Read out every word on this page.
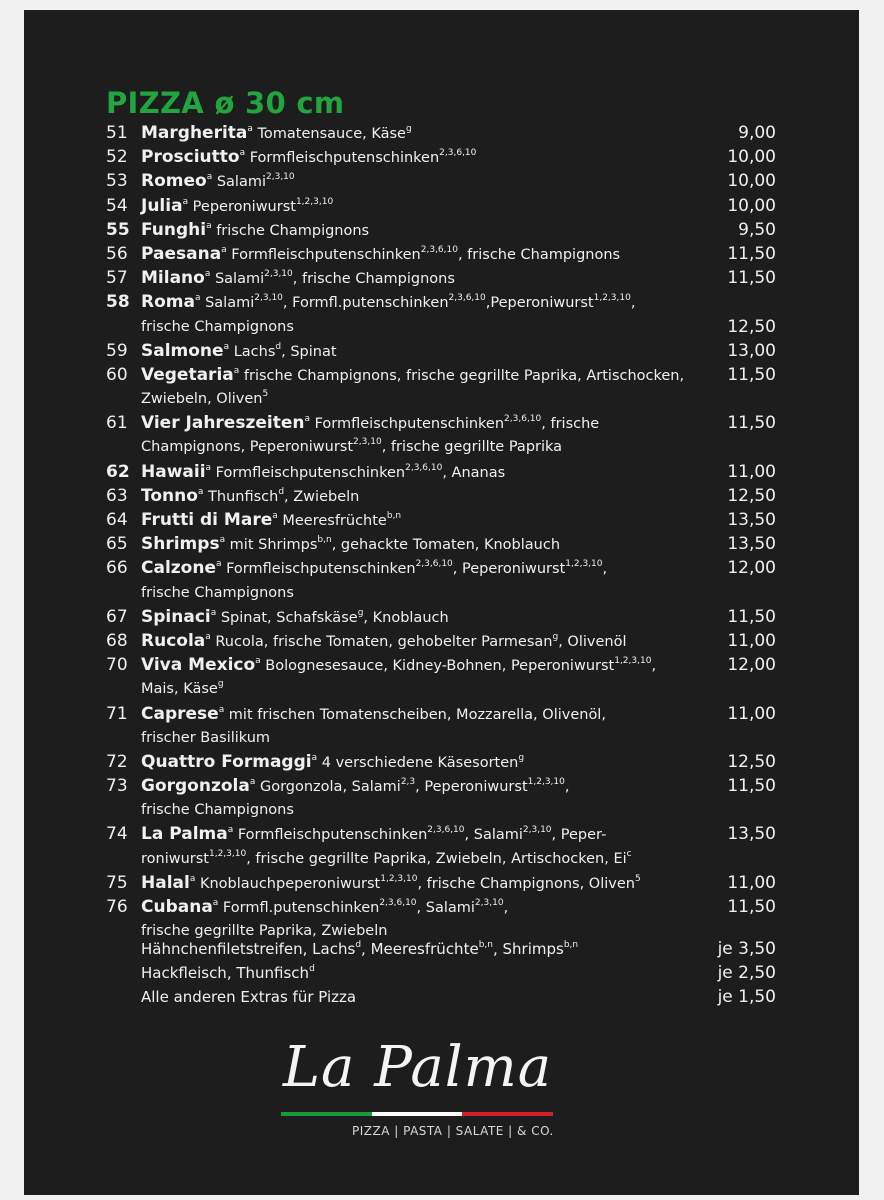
PIZZA ø 30 cm
51 Margherita$^a$ Tomatensauce, Käse$^g$	9,00
52 Prosciutto$^a$ Formfleischputenschinken$^{2,3,6,10}$	10,00
53 Romeo$^a$ Salami$^{2,3,10}$	10,00
54 Julia$^a$ Peperoniwurst$^{1,2,3,10}$	10,00
55 Funghi$^a$ frische Champignons	9,50
56 Paesana$^a$ Formfleischputenschinken$^{2,3,6,10}$, frische Champignons	11,50
57 Milano$^a$ Salami$^{2,3,10}$, frische Champignons	11,50
58 Roma$^a$ Salami$^{2,3,10}$, Formfl.putenschinken$^{2,3,6,10}$,Peperoniwurst$^{1,2,3,10}$,
frische Champignons	12,50
59 Salmone$^a$ Lachs$^d$, Spinat	13,00
60 Vegetaria$^a$ frische Champignons, frische gegrillte Paprika, Artischocken,	11,50
Zwiebeln, Oliven$^5$
61 Vier Jahreszeiten$^a$ Formfleischputenschinken$^{2,3,6,10}$, frische	11,50
Champignons, Peperoniwurst$^{2,3,10}$, frische gegrillte Paprika
62 Hawaii$^a$ Formfleischputenschinken$^{2,3,6,10}$, Ananas	11,00
63 Tonno$^a$ Thunfisch$^d$, Zwiebeln	12,50
64 Frutti di Mare$^a$ Meeresfrüchte$^{b,n}$	13,50
65 Shrimps$^a$ mit Shrimps$^{b,n}$, gehackte Tomaten, Knoblauch	13,50
66 Calzone$^a$ Formfleischputenschinken$^{2,3,6,10}$, Peperoniwurst$^{1,2,3,10}$,	12,00
frische Champignons
67 Spinaci$^a$ Spinat, Schafskäse$^g$, Knoblauch	11,50
68 Rucola$^a$ Rucola, frische Tomaten, gehobelter Parmesan$^g$, Olivenöl	11,00
70 Viva Mexico$^a$ Bolognesesauce, Kidney-Bohnen, Peperoniwurst$^{1,2,3,10}$,	12,00
Mais, Käse$^g$
71 Caprese$^a$ mit frischen Tomatenscheiben, Mozzarella, Olivenöl,	11,00
frischer Basilikum
72 Quattro Formaggi$^a$ 4 verschiedene Käsesorten$^g$	12,50
73 Gorgonzola$^a$ Gorgonzola, Salami$^{2,3}$, Peperoniwurst$^{1,2,3,10}$,	11,50
frische Champignons
74 La Palma$^a$ Formfleischputenschinken$^{2,3,6,10}$, Salami$^{2,3,10}$, Peper-	13,50
roniwurst$^{1,2,3,10}$, frische gegrillte Paprika, Zwiebeln, Artischocken, Ei$^c$
75 Halal$^a$ Knoblauchpeperoniwurst$^{1,2,3,10}$, frische Champignons, Oliven$^5$	11,00
76 Cubana$^a$ Formfl.putenschinken$^{2,3,6,10}$, Salami$^{2,3,10}$,	11,50
frische gegrillte Paprika, Zwiebeln
Hähnchenfiletstreifen, Lachs$^d$, Meeresfrüchte$^{b,n}$, Shrimps$^{b,n}$	je 3,50
Hackfleisch, Thunfisch$^d$	je 2,50
Alle anderen Extras für Pizza	je 1,50
La Palma
PIZZA | PASTA | SALATE | & CO.
